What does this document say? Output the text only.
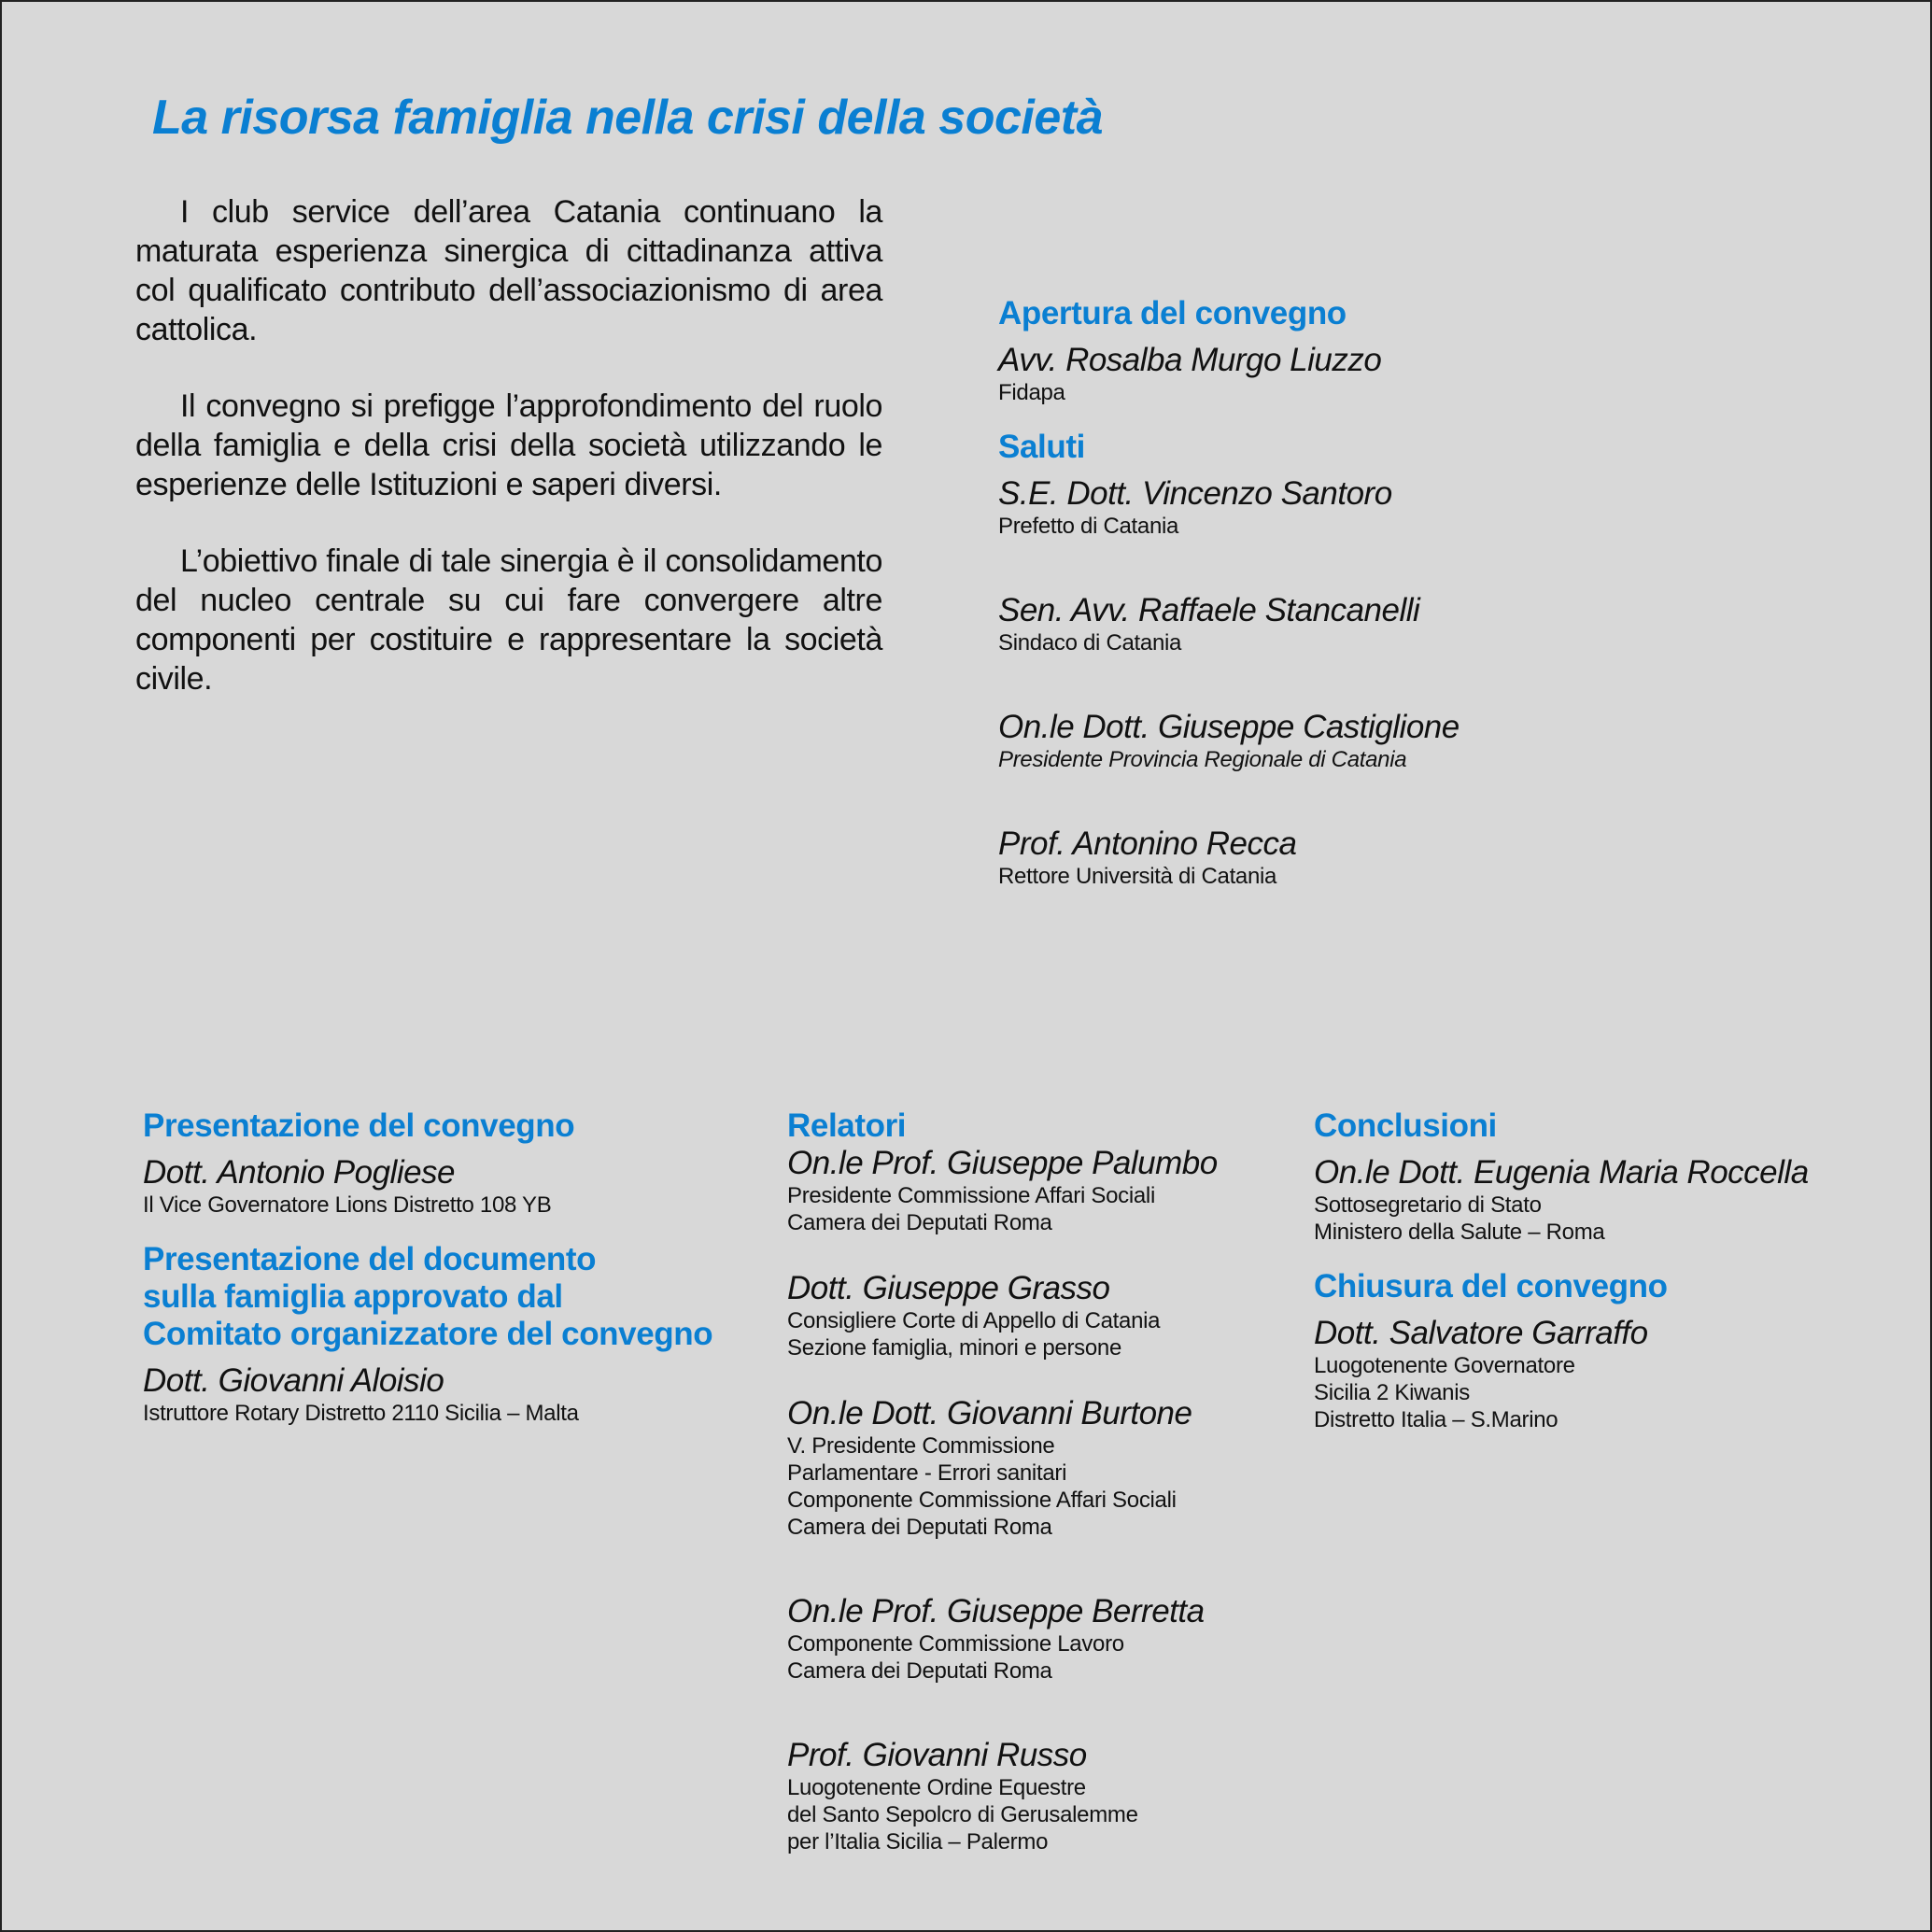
La risorsa famiglia nella crisi della società

I club service dell’area Catania continuano la maturata esperienza sinergica di cittadinanza attiva col qualificato contributo dell’associazionismo di area cattolica.

Il convegno si prefigge l’approfondimento del ruolo della famiglia e della crisi della società utilizzando le esperienze delle Istituzioni e saperi diversi.

L’obiettivo finale di tale sinergia è il consolidamento del nucleo centrale su cui fare convergere altre componenti per costituire e rappresentare la società civile.

Apertura del convegno
Avv. Rosalba Murgo Liuzzo
Fidapa
Saluti
S.E. Dott. Vincenzo Santoro
Prefetto di Catania
Sen. Avv. Raffaele Stancanelli
Sindaco di Catania
On.le Dott. Giuseppe Castiglione
Presidente Provincia Regionale di Catania
Prof. Antonino Recca
Rettore Università di Catania
Presentazione del convegno
Dott. Antonio Pogliese
Il Vice Governatore Lions Distretto 108 YB
Presentazione del documento
sulla famiglia approvato dal
Comitato organizzatore del convegno
Dott. Giovanni Aloisio
Istruttore Rotary Distretto 2110 Sicilia – Malta
Relatori
On.le Prof. Giuseppe Palumbo
Presidente Commissione Affari Sociali
Camera dei Deputati Roma
Dott. Giuseppe Grasso
Consigliere Corte di Appello di Catania
Sezione famiglia, minori e persone
On.le Dott. Giovanni Burtone
V. Presidente Commissione
Parlamentare - Errori sanitari
Componente Commissione Affari Sociali
Camera dei Deputati Roma
On.le Prof. Giuseppe Berretta
Componente Commissione Lavoro
Camera dei Deputati Roma
Prof. Giovanni Russo
Luogotenente Ordine Equestre
del Santo Sepolcro di Gerusalemme
per l’Italia Sicilia – Palermo
Conclusioni
On.le Dott. Eugenia Maria Roccella
Sottosegretario di Stato
Ministero della Salute – Roma
Chiusura del convegno
Dott. Salvatore Garraffo
Luogotenente Governatore
Sicilia 2 Kiwanis
Distretto Italia – S.Marino
